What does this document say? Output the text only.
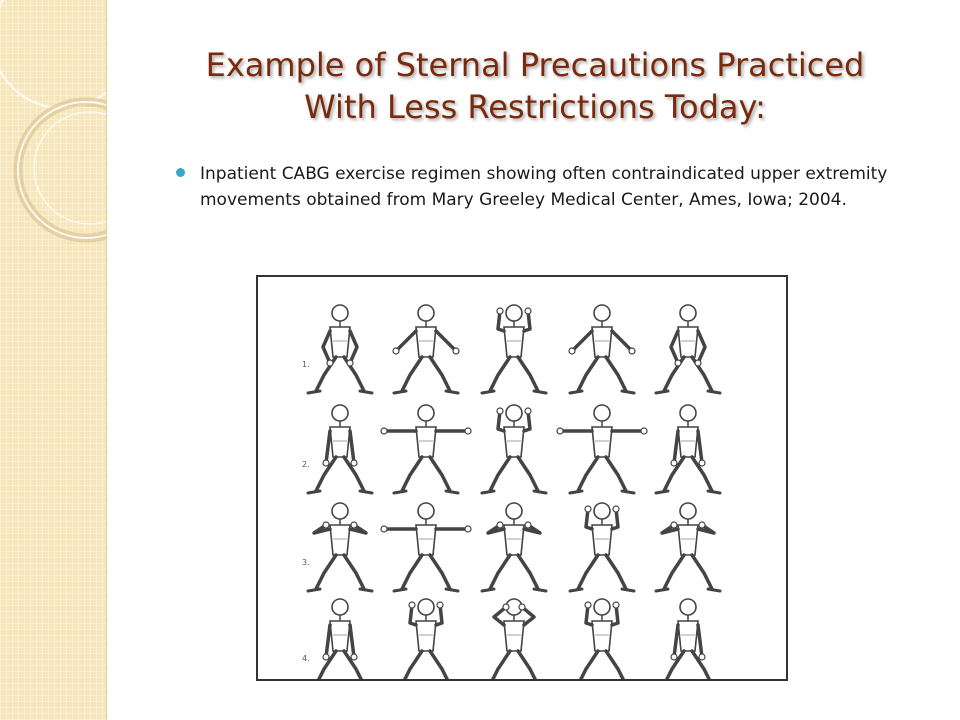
Example of Sternal Precautions Practiced
With Less Restrictions Today:

Inpatient CABG exercise regimen showing often contraindicated upper extremity movements obtained from Mary Greeley Medical Center, Ames, Iowa; 2004.

1.
2.
3.
4.
